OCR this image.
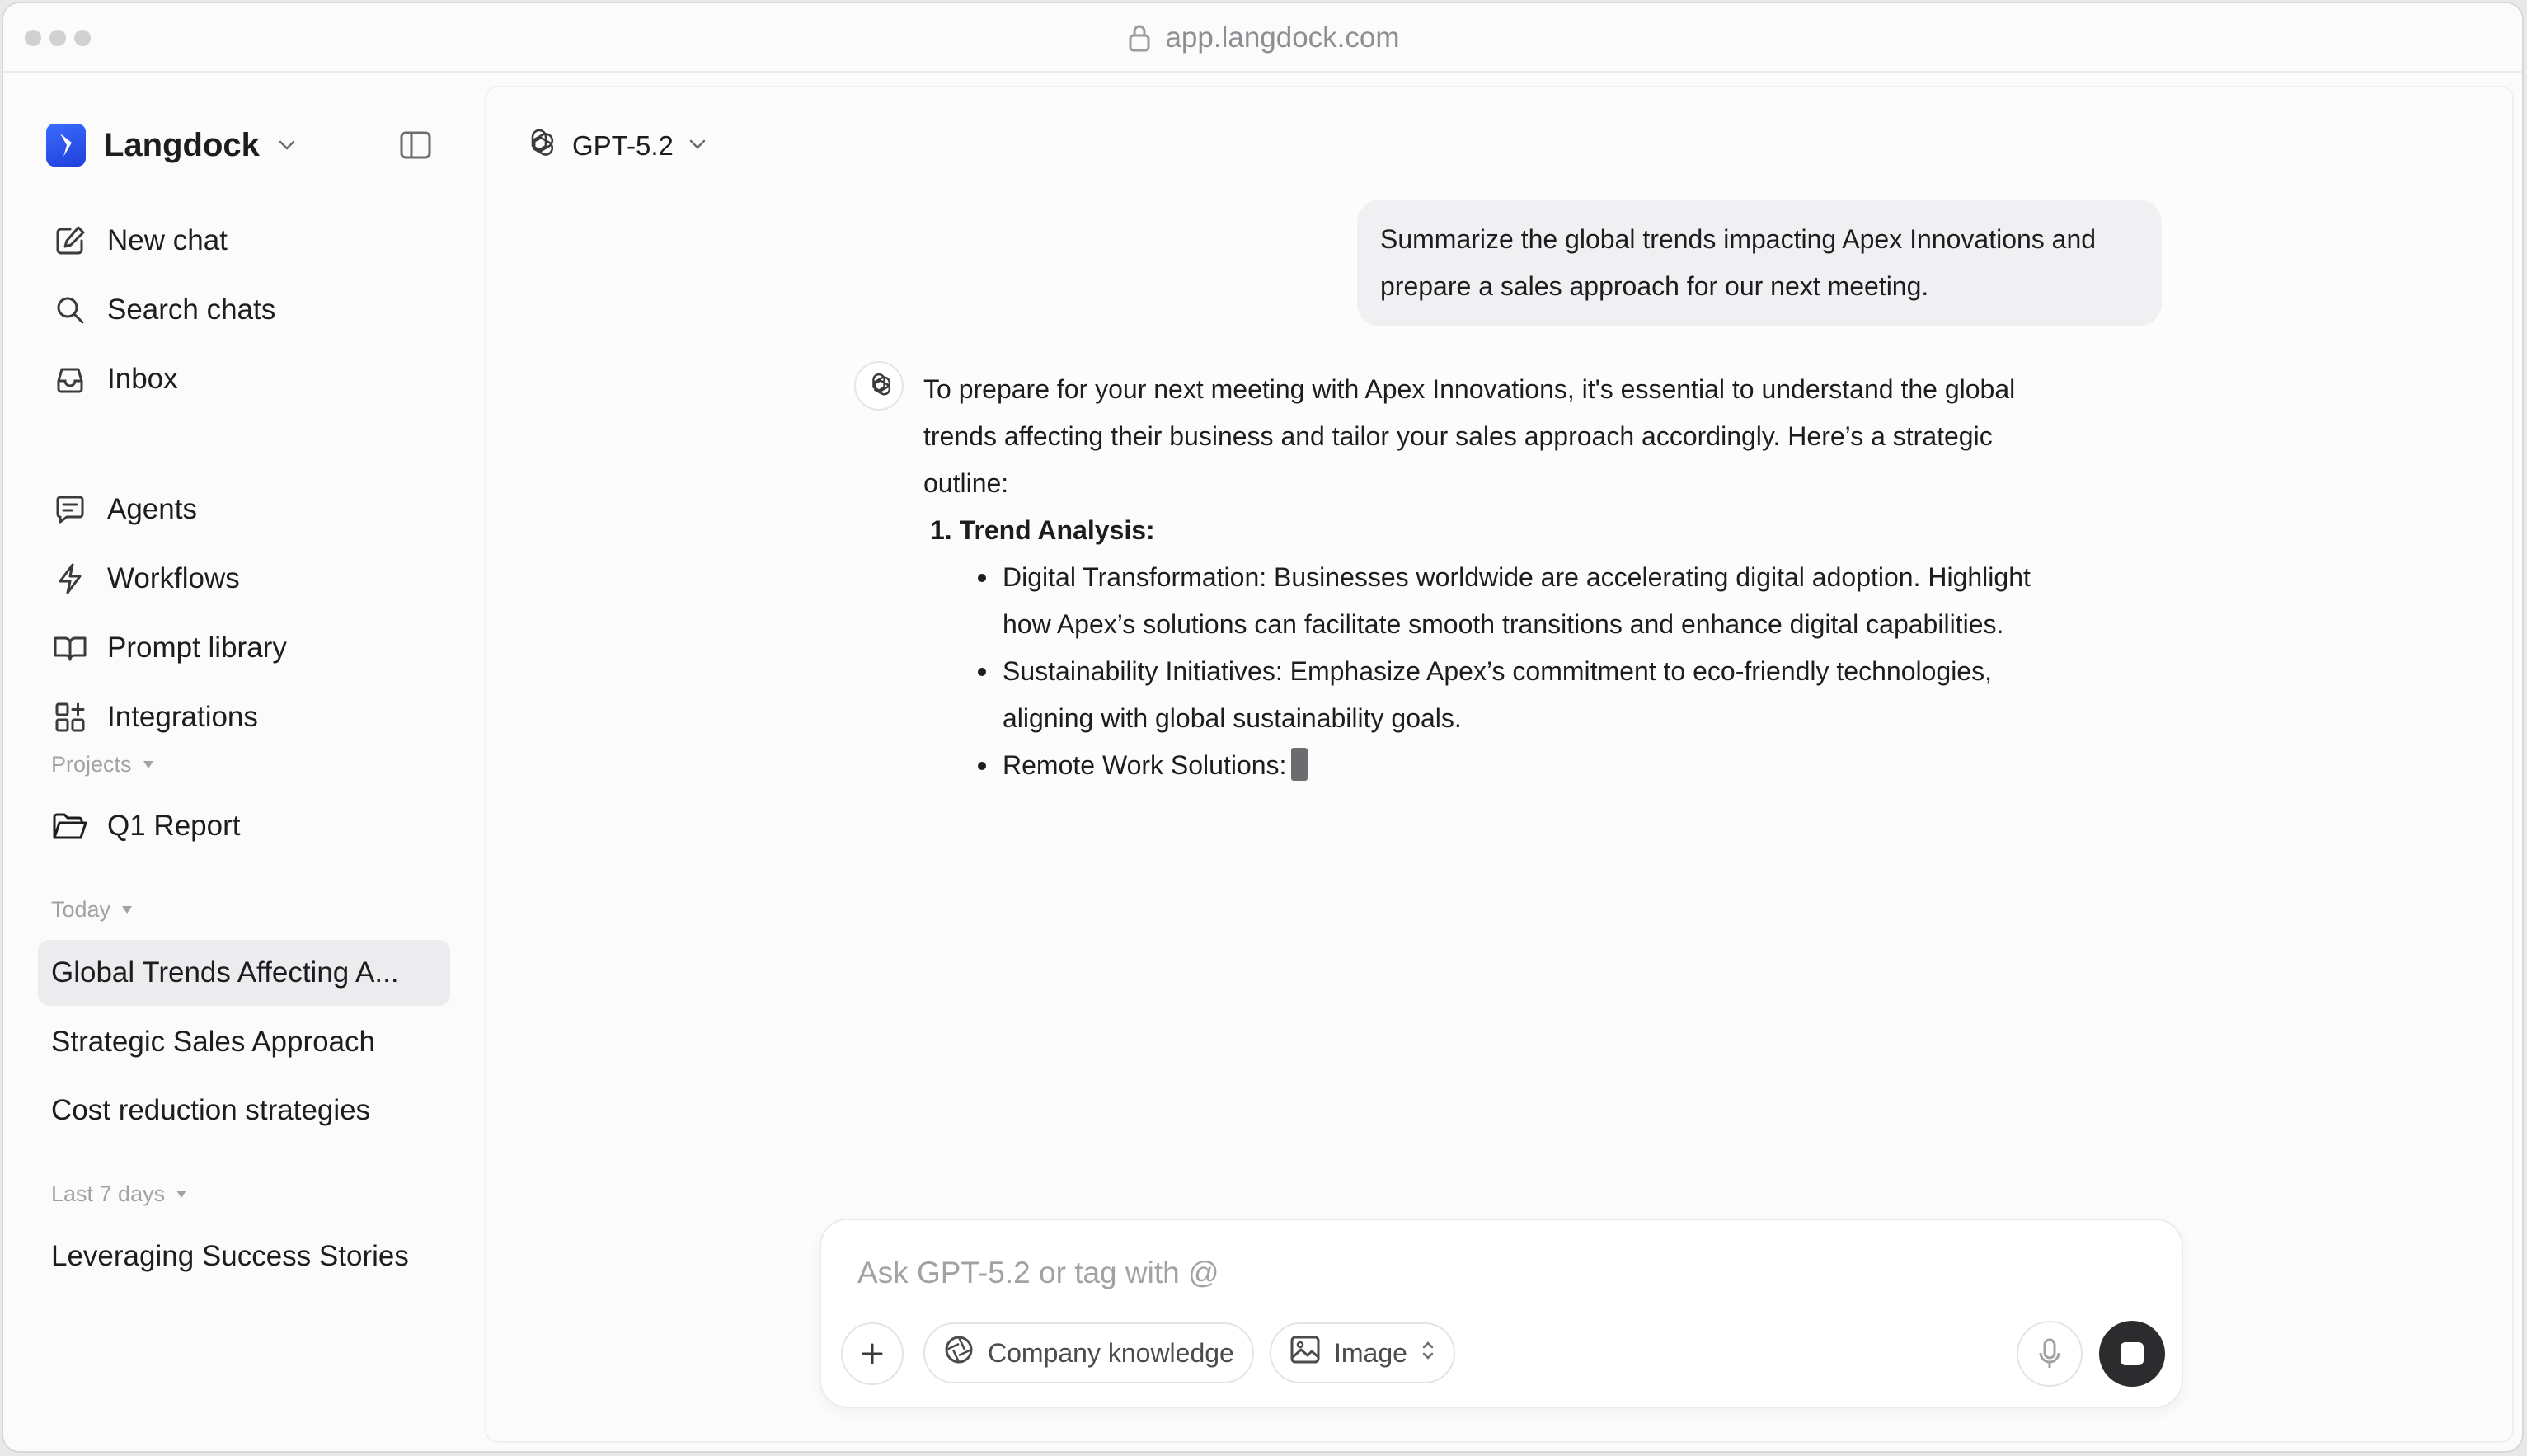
app.langdock.com
Langdock
New chat
Search chats
Inbox
Agents
Workflows
Prompt library
Integrations
Projects
Q1 Report
Today
Global Trends Affecting A...
Strategic Sales Approach
Cost reduction strategies
Last 7 days
Leveraging Success Stories
GPT-5.2
Summarize the global trends impacting Apex Innovations and
prepare a sales approach for our next meeting.
To prepare for your next meeting with Apex Innovations, it's essential to understand the global
trends affecting their business and tailor your sales approach accordingly. Here’s a strategic
outline:
1. Trend Analysis:
Digital Transformation: Businesses worldwide are accelerating digital adoption. Highlight
how Apex’s solutions can facilitate smooth transitions and enhance digital capabilities.
Sustainability Initiatives: Emphasize Apex’s commitment to eco-friendly technologies,
aligning with global sustainability goals.
Remote Work Solutions:
Ask GPT-5.2 or tag with @
Company knowledge	Image
